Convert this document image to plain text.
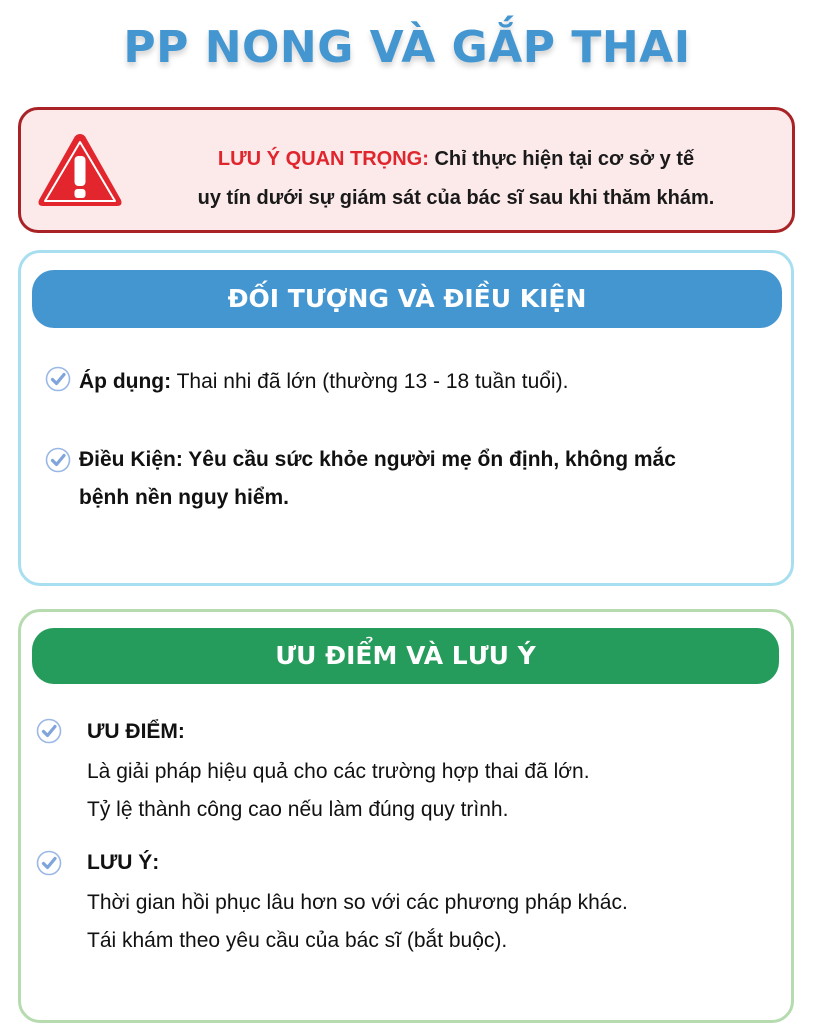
PP NONG VÀ GẮP THAI
LƯU Ý QUAN TRỌNG: Chỉ thực hiện tại cơ sở y tế
uy tín dưới sự giám sát của bác sĩ sau khi thăm khám.
ĐỐI TƯỢNG VÀ ĐIỀU KIỆN
Áp dụng: Thai nhi đã lớn (thường 13 - 18 tuần tuổi).
Điều Kiện: Yêu cầu sức khỏe người mẹ ổn định, không mắc
bệnh nền nguy hiểm.
ƯU ĐIỂM VÀ LƯU Ý
ƯU ĐIỂM:
Là giải pháp hiệu quả cho các trường hợp thai đã lớn.
Tỷ lệ thành công cao nếu làm đúng quy trình.
LƯU Ý:
Thời gian hồi phục lâu hơn so với các phương pháp khác.
Tái khám theo yêu cầu của bác sĩ (bắt buộc).
